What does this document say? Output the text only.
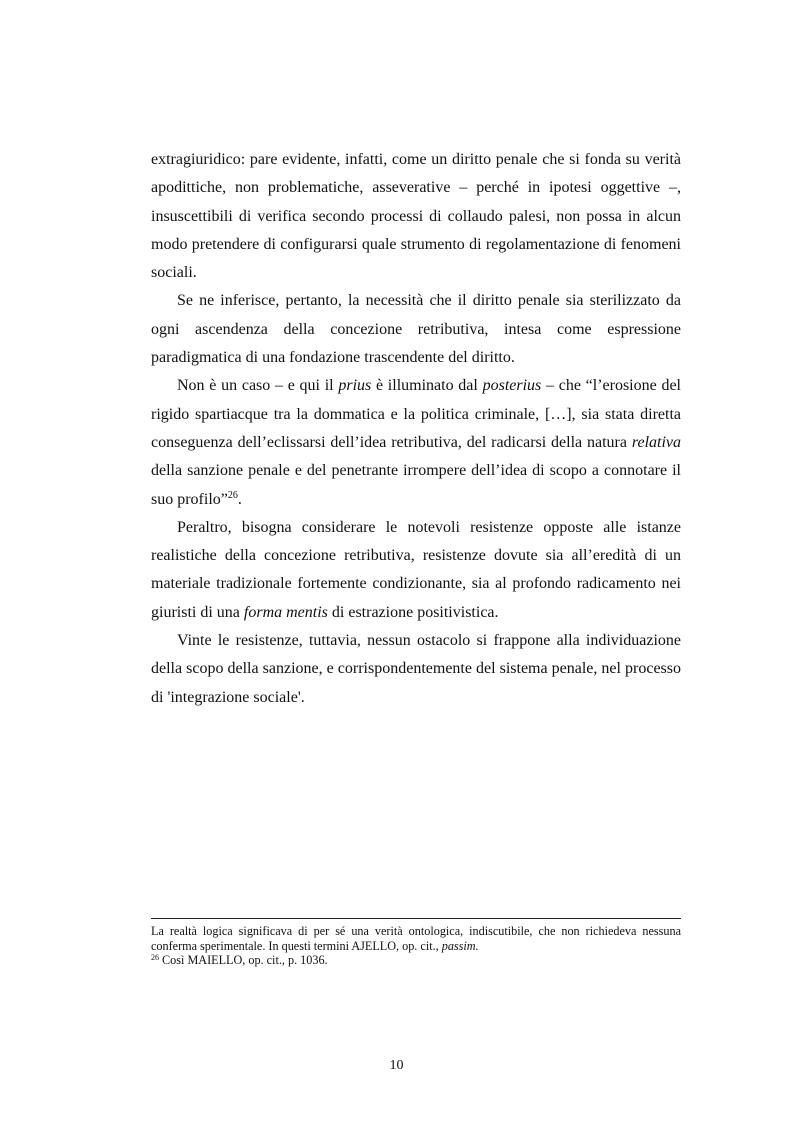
extragiuridico: pare evidente, infatti, come un diritto penale che si fonda su verità apodittiche, non problematiche, asseverative – perché in ipotesi oggettive –, insuscettibili di verifica secondo processi di collaudo palesi, non possa in alcun modo pretendere di configurarsi quale strumento di regolamentazione di fenomeni sociali.

Se ne inferisce, pertanto, la necessità che il diritto penale sia sterilizzato da ogni ascendenza della concezione retributiva, intesa come espressione paradigmatica di una fondazione trascendente del diritto.

Non è un caso – e qui il prius è illuminato dal posterius – che “l’erosione del rigido spartiacque tra la dommatica e la politica criminale, […], sia stata diretta conseguenza dell’eclissarsi dell’idea retributiva, del radicarsi della natura relativa della sanzione penale e del penetrante irrompere dell’idea di scopo a connotare il suo profilo”$^{26}$.

Peraltro, bisogna considerare le notevoli resistenze opposte alle istanze realistiche della concezione retributiva, resistenze dovute sia all’eredità di un materiale tradizionale fortemente condizionante, sia al profondo radicamento nei giuristi di una forma mentis di estrazione positivistica.

Vinte le resistenze, tuttavia, nessun ostacolo si frappone alla individuazione della scopo della sanzione, e corrispondentemente del sistema penale, nel processo di 'integrazione sociale'.

La realtà logica significava di per sé una verità ontologica, indiscutibile, che non richiedeva nessuna conferma sperimentale. In questi termini AJELLO, op. cit., passim.

$^{26}$ Così MAIELLO, op. cit., p. 1036.

10
